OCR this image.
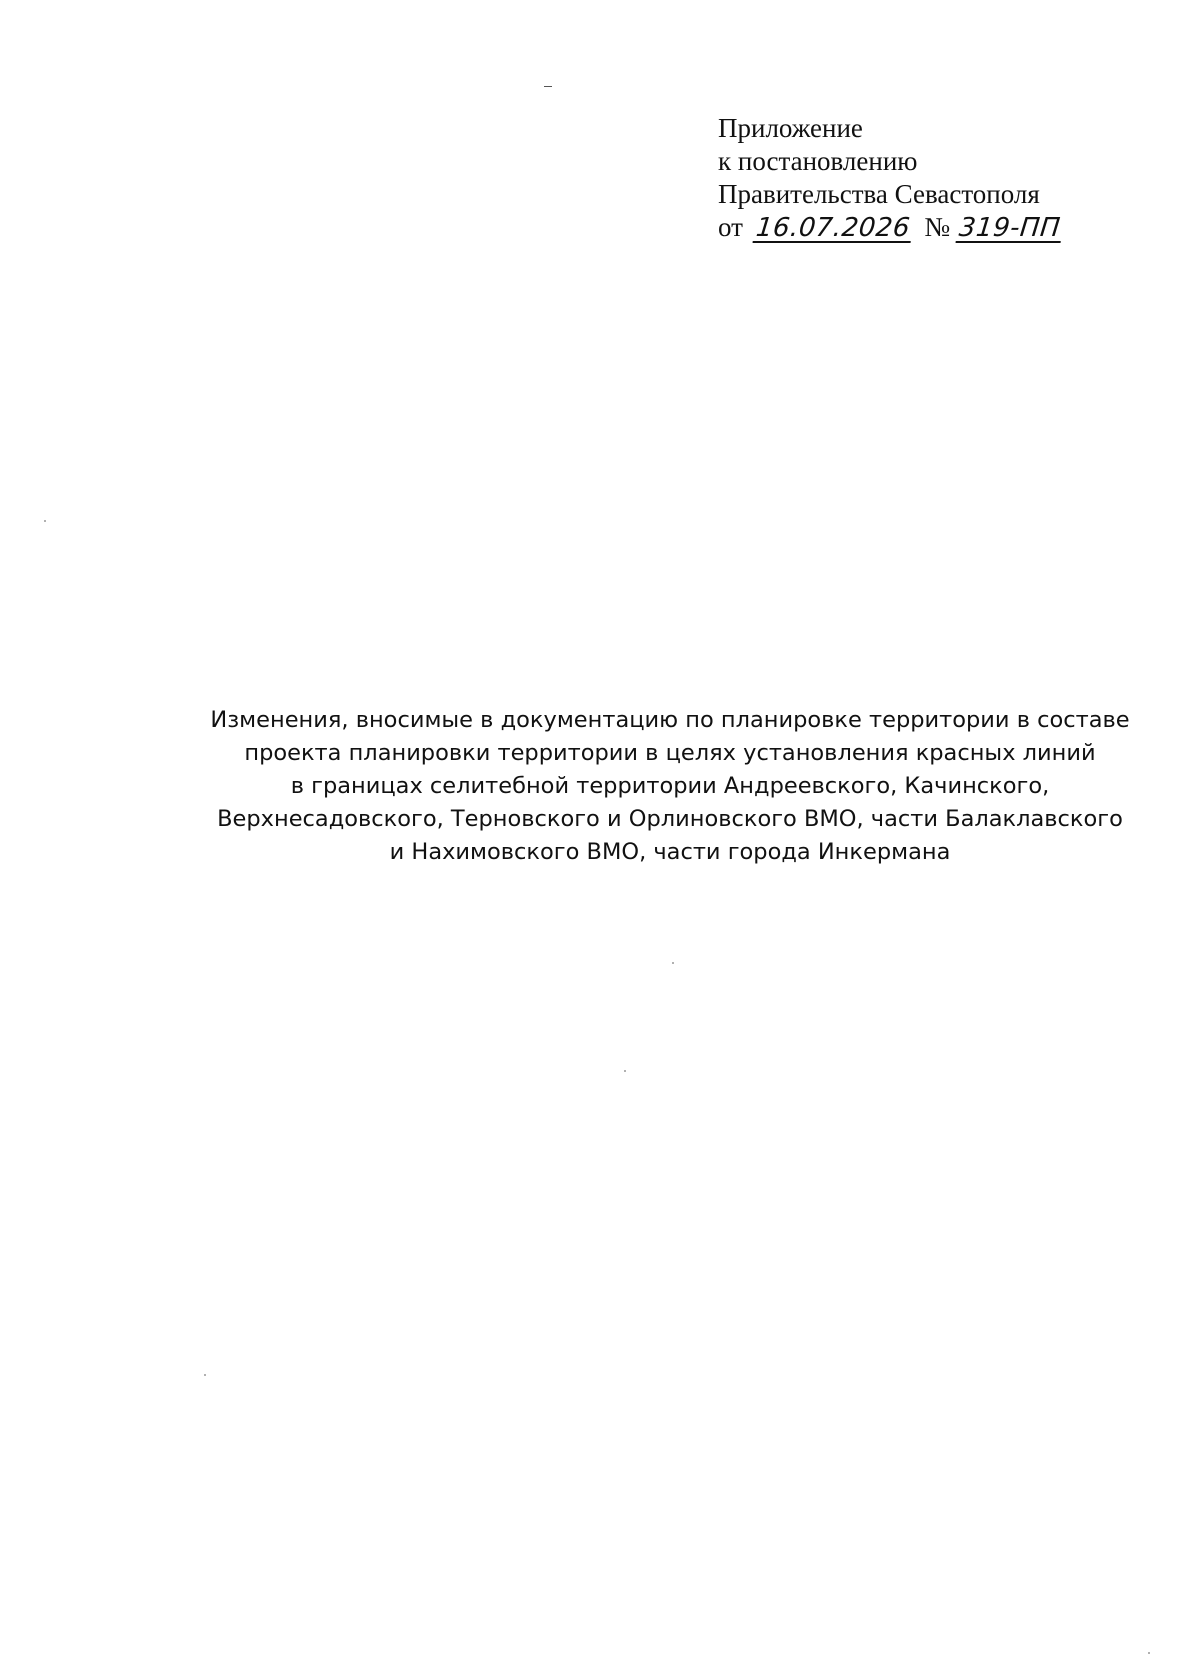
Приложение
к постановлению
Правительства Севастополя
от 16.07.2026 № 319-ПП
Изменения, вносимые в документацию по планировке территории в составе
проекта планировки территории в целях установления красных линий
в границах селитебной территории Андреевского, Качинского,
Верхнесадовского, Терновского и Орлиновского ВМО, части Балаклавского
и Нахимовского ВМО, части города Инкермана
